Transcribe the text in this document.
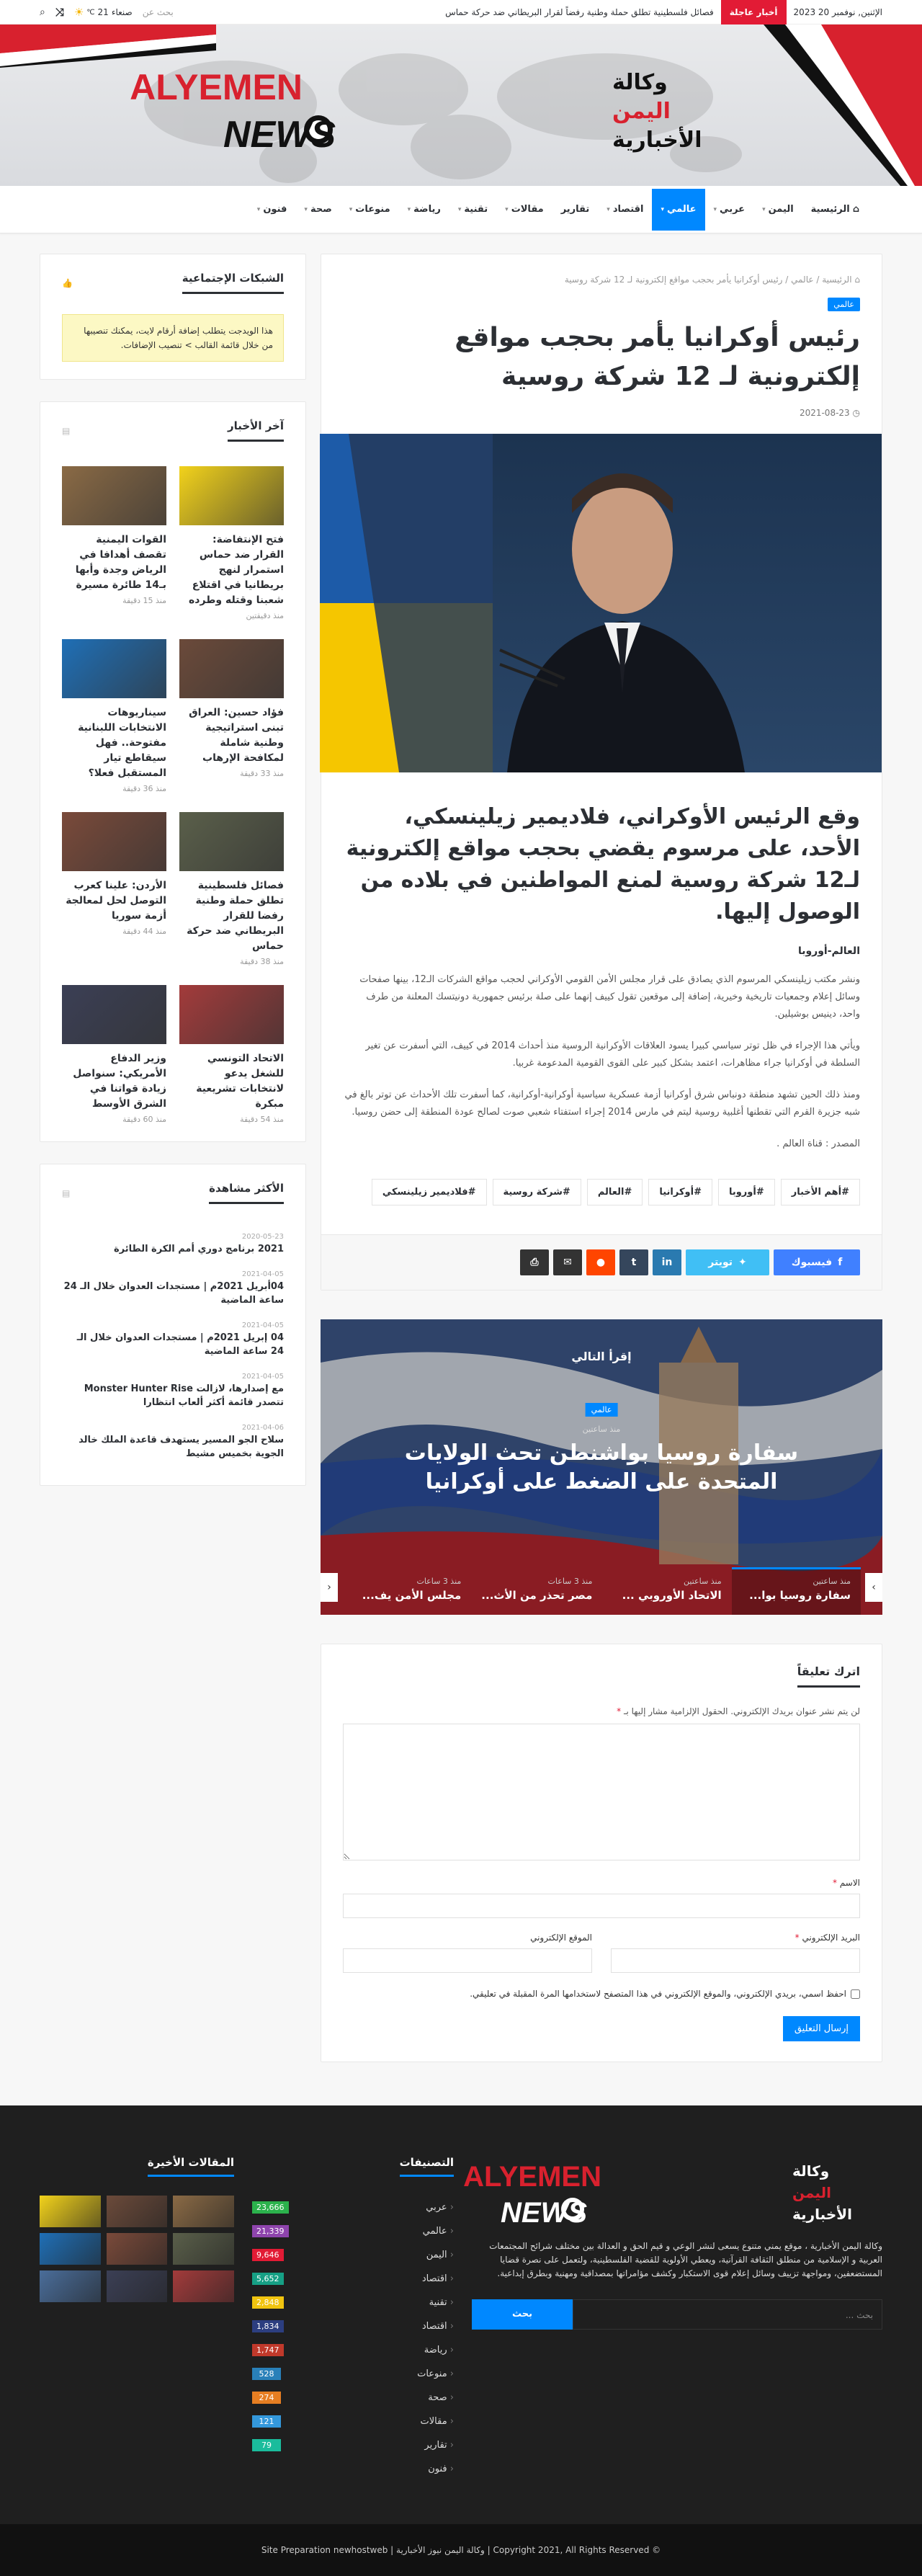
الإثنين, نوفمبر 20 2023
أخبار عاجلة
فصائل فلسطينية تطلق حملة وطنية رفضاً لقرار البريطاني ضد حركة حماس
⌕ ⤨	صنعاء
21
℃
☀	بحث عن
ALYEMEN
NEWS
وكالة
اليمن
الأخبارية
⌂
الرئيسية
اليمن
▾
عربي
▾
عالمي
▾
اقتصاد
▾
تقارير
مقالات
▾
تقنية
▾
رياضة
▾
منوعات
▾
صحة
▾
فنون
▾
⌂ الرئيسية / عالمي / رئيس أوكرانيا يأمر بحجب مواقع إلكترونية لـ 12 شركة روسية
عالمي
رئيس أوكرانيا يأمر بحجب مواقع إلكترونية لـ 12 شركة روسية
◷ 2021-08-23

وقع الرئيس الأوكراني، فلاديمير زيلينسكي، الأحد، على مرسوم يقضي بحجب مواقع إلكترونية لـ12 شركة روسية لمنع المواطنين في بلاده من الوصول إليها.

العالم-أوروبا

ونشر مكتب زيلينسكي المرسوم الذي يصادق على قرار مجلس الأمن القومي الأوكراني لحجب مواقع الشركات الـ12، بينها صفحات وسائل إعلام وجمعيات تاريخية وخيرية، إضافة إلى موقعين تقول كييف إنهما على صلة برئيس جمهورية دونيتسك المعلنة من طرف واحد، دينيس بوشيلين.

ويأتي هذا الإجراء في ظل توتر سياسي كبيرا يسود العلاقات الأوكرانية الروسية منذ أحداث 2014 في كييف، التي أسفرت عن تغير السلطة في أوكرانيا جراء مظاهرات، اعتمد بشكل كبير على القوى القومية المدعومة غربيا.

ومنذ ذلك الحين تشهد منطقة دونباس شرق أوكرانيا أزمة عسكرية سياسية أوكرانية-أوكرانية، كما أسفرت تلك الأحداث عن توتر بالغ في شبه جزيرة القرم التي تقطنها أغلبية روسية ليتم في مارس 2014 إجراء استفتاء شعبي صوت لصالح عودة المنطقة إلى حضن روسيا.

المصدر : قناة العالم .

#أهم الأخبار
#أوروبا
#أوكرانيا
#العالم
#شركة روسية
#فلاديمير زيلينسكي
f
فيسبوك
✦
تويتر
in
t
●
✉
⎙
إقرأ التالي
عالمي
منذ ساعتين
سفارة روسيا بواشنطن تحث الولايات المتحدة على الضغط على أوكرانيا
منذ ساعتين
سفارة روسيا بوا...
منذ ساعتين
الاتحاد الأوروبي ...
منذ 3 ساعات
مصر تحذر من الأث...
منذ 3 ساعات
مجلس الأمن يف...
›
‹
اترك تعليقاً

لن يتم نشر عنوان بريدك الإلكتروني. الحقول الإلزامية مشار إليها بـ *

الاسم *
البريد الإلكتروني *
الموقع الإلكتروني
احفظ اسمي، بريدي الإلكتروني، والموقع الإلكتروني في هذا المتصفح لاستخدامها المرة المقبلة في تعليقي.
إرسال التعليق
الشبكات الإجتماعية
👍
هذا الويدجت يتطلب إضافة أرقام لايت، يمكنك تنصيبها من خلال قائمة القالب > تنصيب الإضافات.
آخر الأخبار
▤
فتح الإنتفاضة: القرار ضد حماس استمرار لنهج بريطانيا في اقتلاع شعبنا وقتله وطرده
منذ دقيقتين
القوات اليمنية تقصف أهدافا في الرياض وجدة وأبها بـ14 طائرة مسيرة
منذ 15 دقيقة
فؤاد حسين: العراق تبنى استراتيجية وطنية شاملة لمكافحة الإرهاب
منذ 33 دقيقة
سيناريوهات الانتخابات اللبنانية مفتوحة.. فهل سيقاطع تيار المستقبل فعلا؟
منذ 36 دقيقة
فصائل فلسطينية تطلق حملة وطنية رفضا للقرار البريطاني ضد حركة حماس
منذ 38 دقيقة
الأردن: علينا كعرب التوصل لحل لمعالجة أزمة سوريا
منذ 44 دقيقة
الاتحاد التونسي للشغل يدعو لانتخابات تشريعية مبكرة
منذ 54 دقيقة
وزير الدفاع الأمريكي: سنواصل زيادة قواتنا في الشرق الأوسط
منذ 60 دقيقة
الأكثر مشاهدة
▤
2020-05-23
2021 برنامج دوري أمم الكرة الطائرة
2021-04-05
04أبريل 2021م | مستجدات العدوان خلال الـ 24 ساعة الماضية
2021-04-05
04 إبريل 2021م | مستجدات العدوان خلال الـ 24 ساعة الماضية
2021-04-05
مع إصدارها، لازالت Monster Hunter Rise تتصدر قائمة أكثر ألعاب انتظارا
2021-04-06
سلاح الجو المسير يستهدف قاعدة الملك خالد الجوية بخميس مشيط
ALYEMEN
NEWS
وكالة
اليمن
الأخبارية

وكالة اليمن الأخبارية ، موقع يمني متنوع يسعى لنشر الوعي و قيم الحق و العدالة بين مختلف شرائح المجتمعات العربية و الإسلامية من منطلق الثقافة القرآنية، ويعطي الأولوية للقضية الفلسطينية، ولتعمل على نصرة قضايا المستضعفين، ومواجهة تزييف وسائل إعلام قوى الاستكبار وكشف مؤامراتها بمصداقية ومهنية وبطرق إبداعية.

بحث ...
بحث
التصنيفات
‹ عربي
23,666
‹ عالمي
21,339
‹ اليمن
9,646
‹ اقتصاد
5,652
‹ تقنية
2,848
‹ اقتصاد
1,834
‹ رياضة
1,747
‹ منوعات
528
‹ صحة
274
‹ مقالات
121
‹ تقارير
79
‹ فنون
المقالات الأخيرة
© Copyright 2021, All Rights Reserved | وكالة اليمن نيوز الأخبارية | Site Preparation newhostweb
